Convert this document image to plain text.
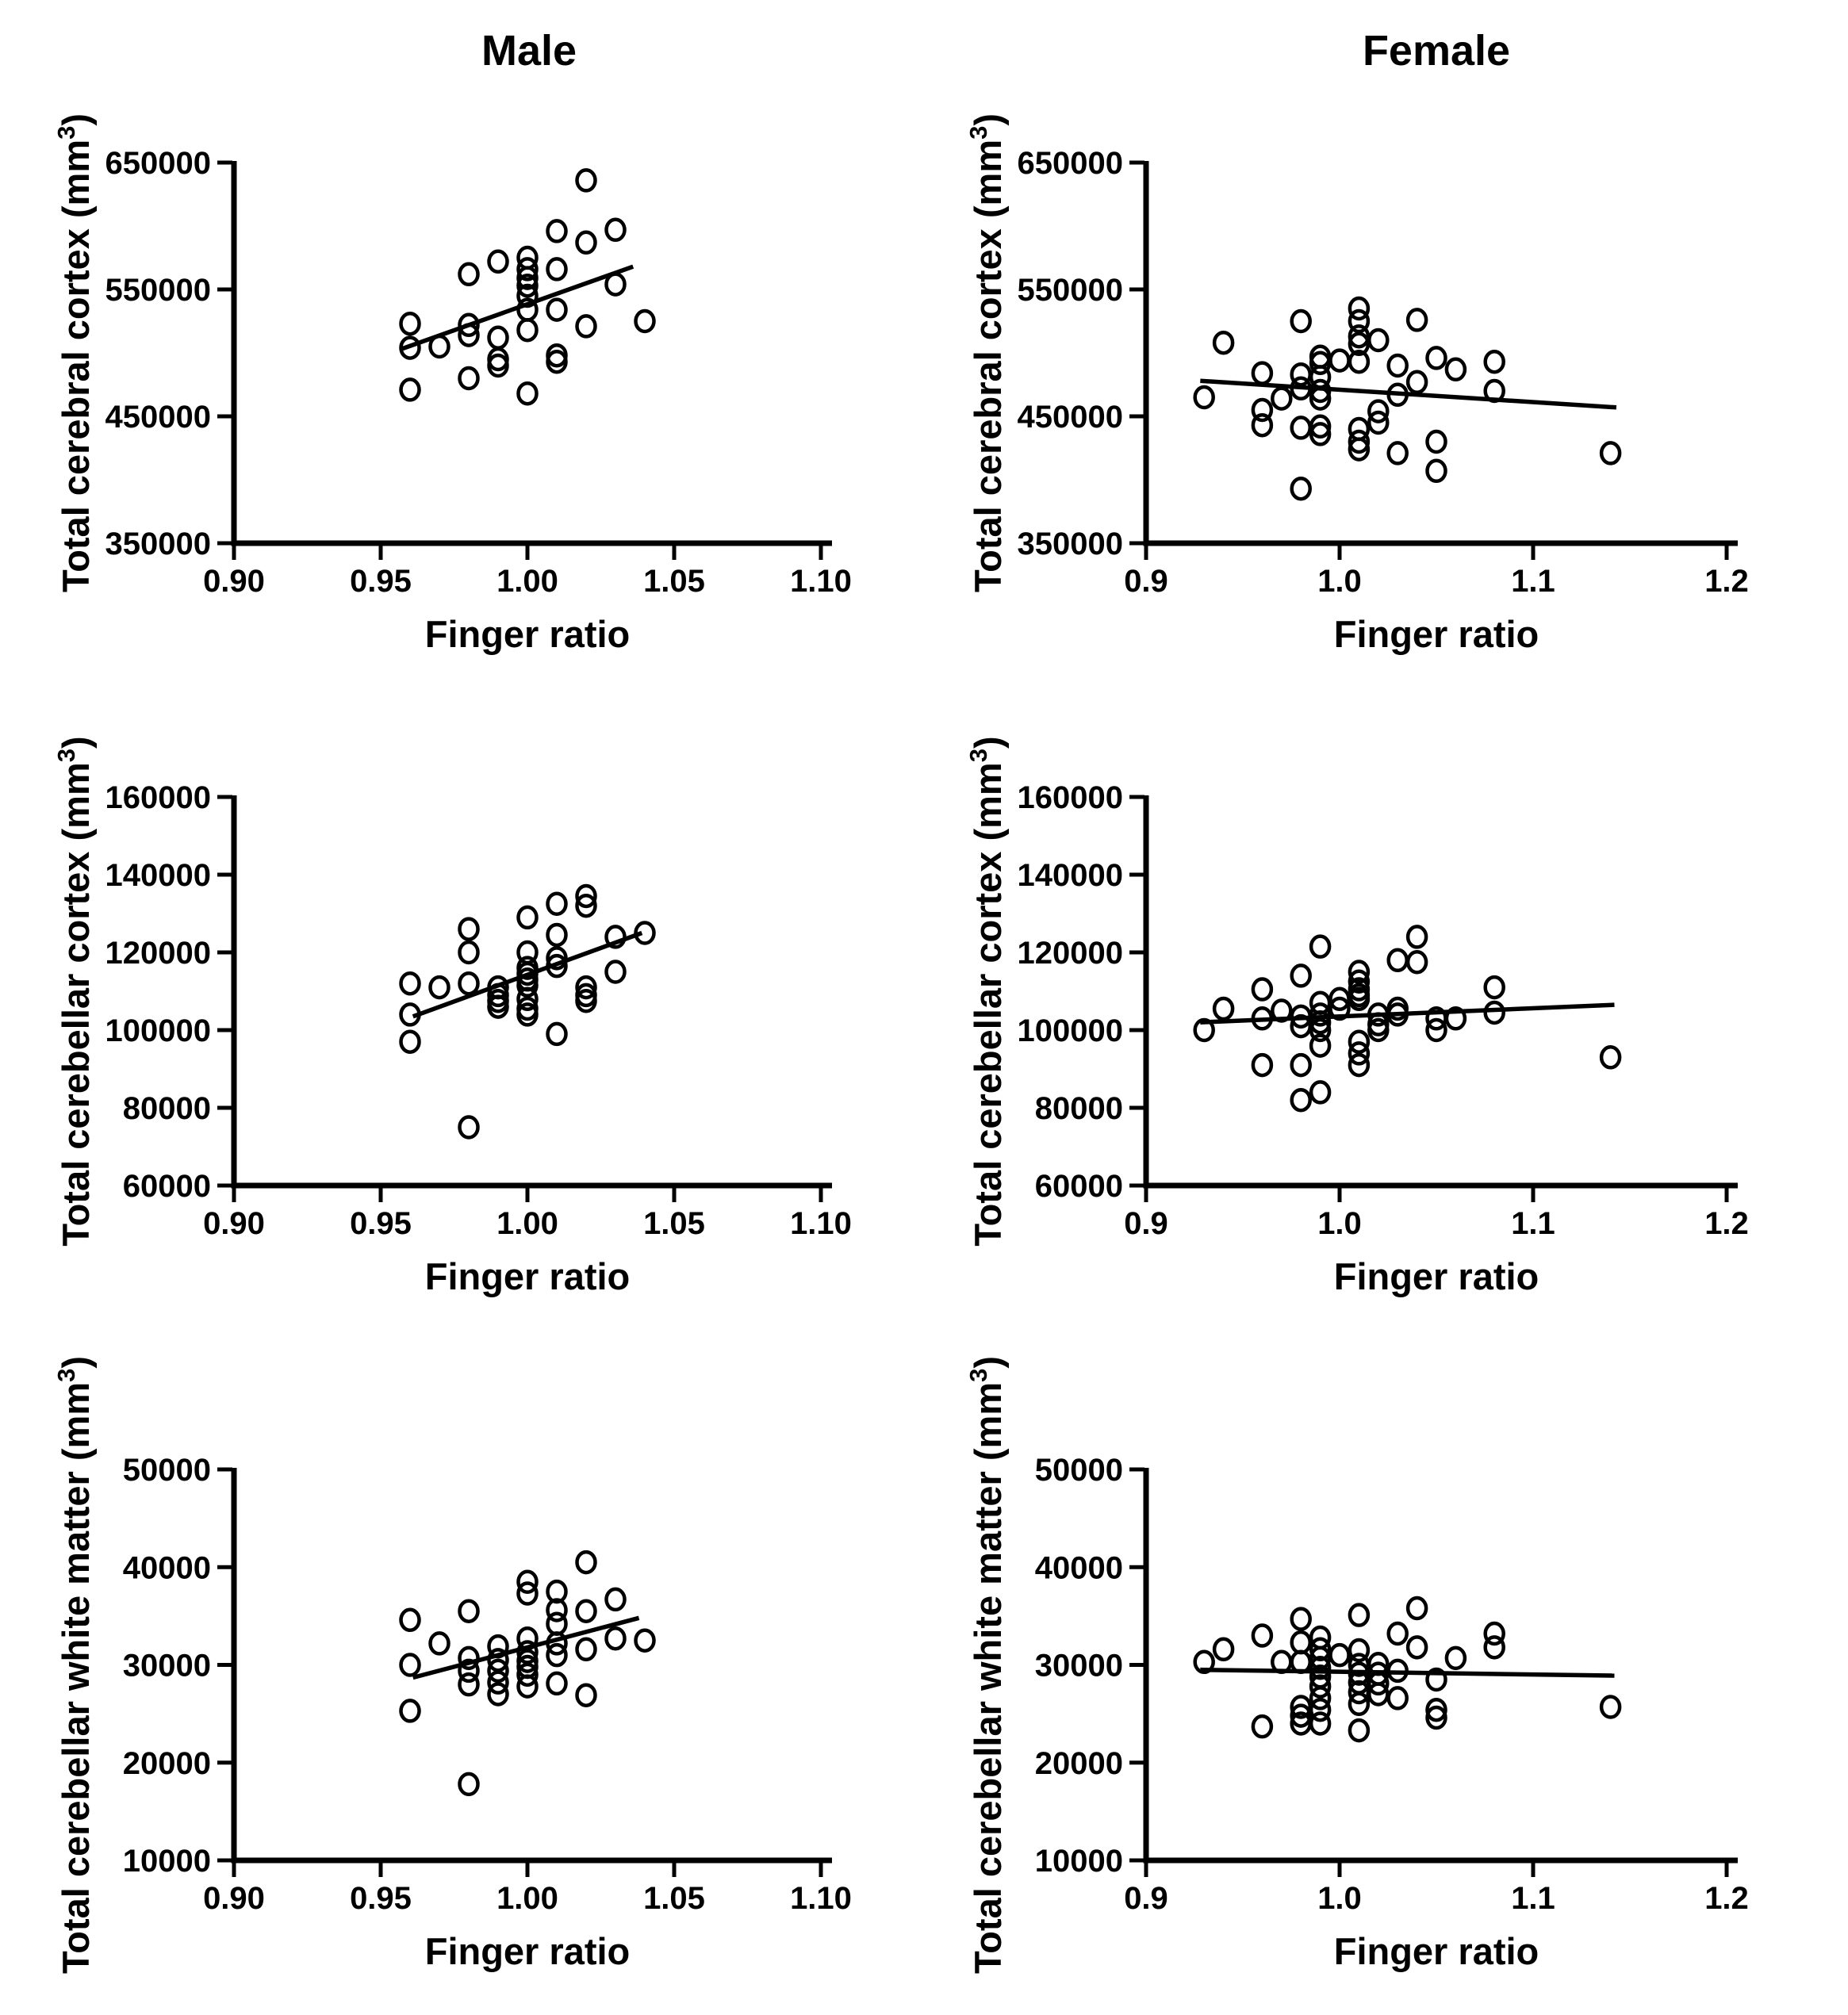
0.90	0.95	1.00	1.05	1.10
350000
450000
550000
650000
Finger ratio
Total cerebral cortex $(mm^3)$
Male
0.9	1.0	1.1	1.2
350000
450000
550000
650000
Finger ratio
Total cerebral cortex $(mm^3)$
Female
0.90	0.95	1.00	1.05	1.10
60000
80000
100000
120000
140000
160000
Finger ratio
Total cerebellar cortex $(mm^3)$
0.9	1.0	1.1	1.2
60000
80000
100000
120000
140000
160000
Finger ratio
Total cerebellar cortex $(mm^3)$
0.90	0.95	1.00	1.05	1.10
10000
20000
30000
40000
50000
Finger ratio
Total cerebellar white matter $(mm^3)$
0.9	1.0	1.1	1.2
10000
20000
30000
40000
50000
Finger ratio
Total cerebellar white matter $(mm^3)$
